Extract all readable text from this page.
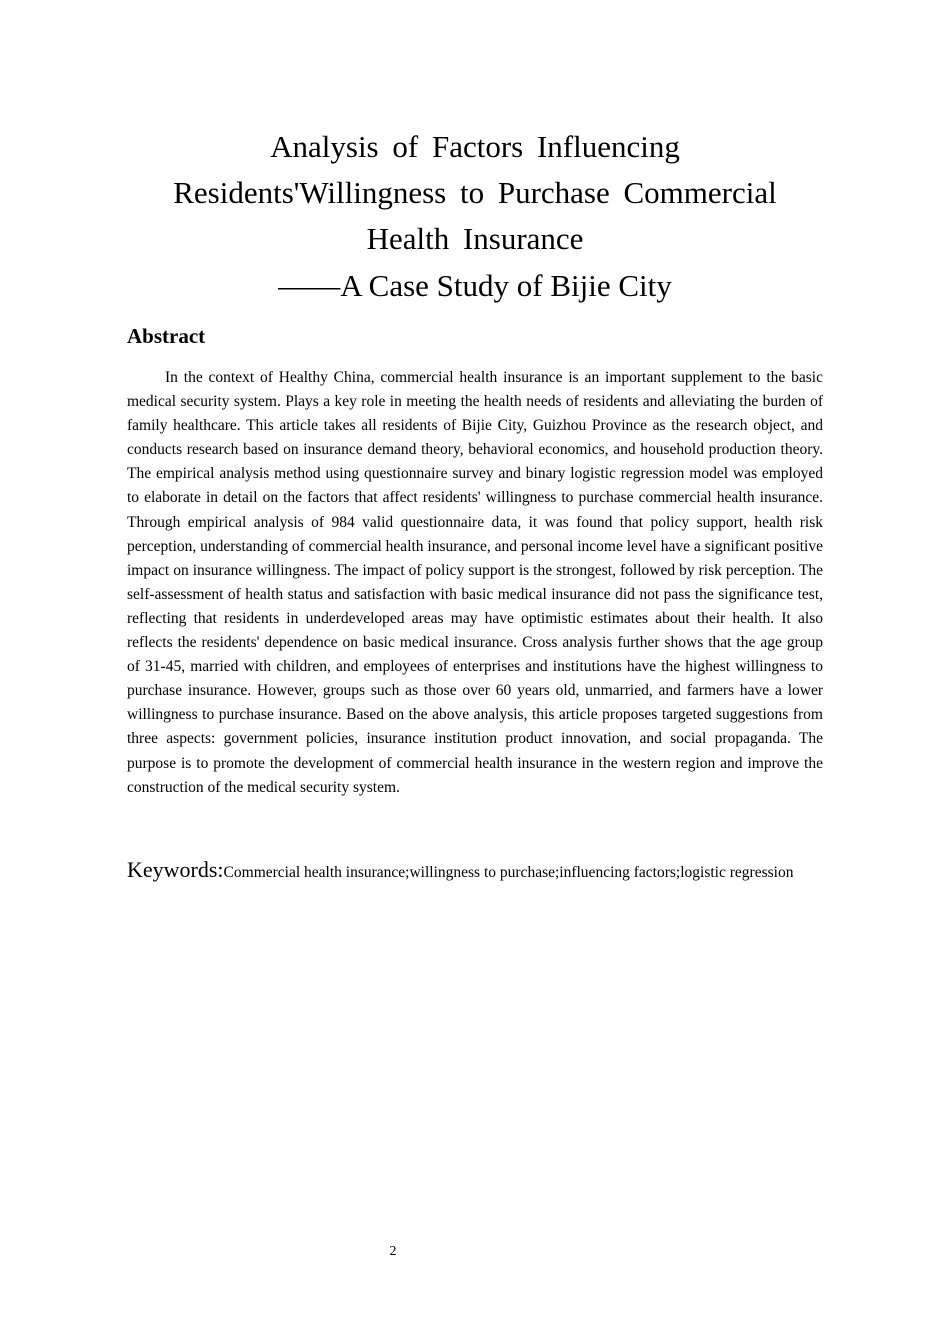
Analysis of Factors Influencing
Residents'Willingness to Purchase Commercial
Health Insurance
——A Case Study of Bijie City
Abstract

In the context of Healthy China, commercial health insurance is an important supplement to the basic medical security system. Plays a key role in meeting the health needs of residents and alleviating the burden of family healthcare. This article takes all residents of Bijie City, Guizhou Province as the research object, and conducts research based on insurance demand theory, behavioral economics, and household production theory. The empirical analysis method using questionnaire survey and binary logistic regression model was employed to elaborate in detail on the factors that affect residents' willingness to purchase commercial health insurance. Through empirical analysis of 984 valid questionnaire data, it was found that policy support, health risk perception, understanding of commercial health insurance, and personal income level have a significant positive impact on insurance willingness. The impact of policy support is the strongest, followed by risk perception. The self-assessment of health status and satisfaction with basic medical insurance did not pass the significance test, reflecting that residents in underdeveloped areas may have optimistic estimates about their health. It also reflects the residents' dependence on basic medical insurance. Cross analysis further shows that the age group of 31-45, married with children, and employees of enterprises and institutions have the highest willingness to purchase insurance. However, groups such as those over 60 years old, unmarried, and farmers have a lower willingness to purchase insurance. Based on the above analysis, this article proposes targeted suggestions from three aspects: government policies, insurance institution product innovation, and social propaganda. The purpose is to promote the development of commercial health insurance in the western region and improve the construction of the medical security system.

Keywords:Commercial health insurance;willingness to purchase;influencing factors;logistic regression
2
